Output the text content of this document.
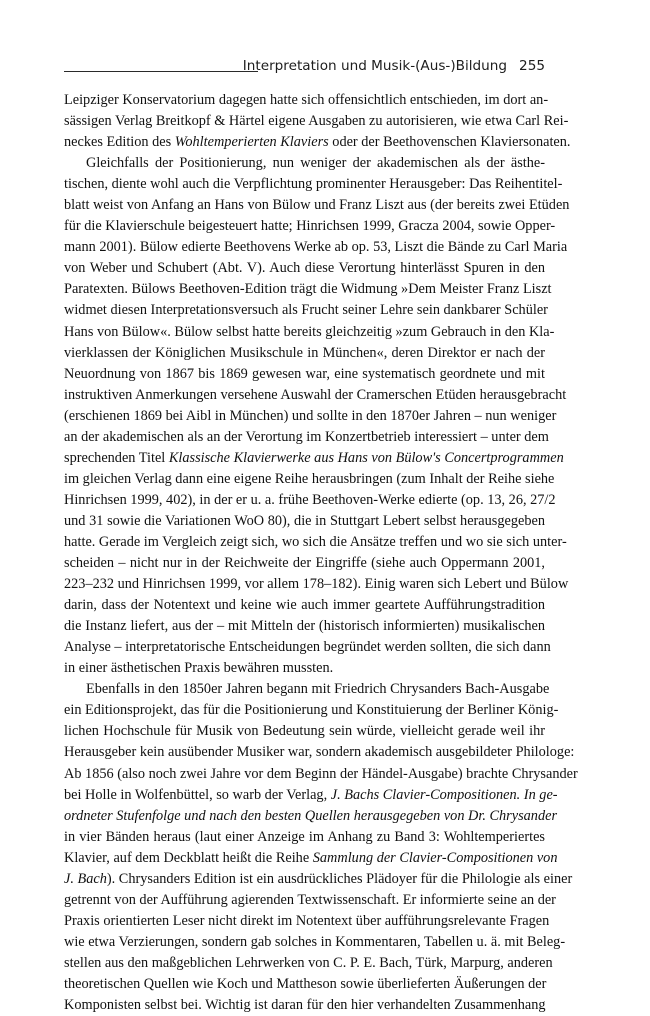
Interpretation und Musik-(Aus-)Bildung 255
Leipziger Konservatorium dagegen hatte sich offensichtlich entschieden, im dort an-
sässigen Verlag Breitkopf & Härtel eigene Ausgaben zu autorisieren, wie etwa Carl Rei-
neckes Edition des Wohltemperierten Klaviers oder der Beethovenschen Klaviersonaten.
Gleichfalls der Positionierung, nun weniger der akademischen als der ästhe-
tischen, diente wohl auch die Verpflichtung prominenter Herausgeber: Das Reihentitel-
blatt weist von Anfang an Hans von Bülow und Franz Liszt aus (der bereits zwei Etüden
für die Klavierschule beigesteuert hatte; Hinrichsen 1999, Gracza 2004, sowie Opper-
mann 2001). Bülow edierte Beethovens Werke ab op. 53, Liszt die Bände zu Carl Maria
von Weber und Schubert (Abt. V). Auch diese Verortung hinterlässt Spuren in den
Paratexten. Bülows Beethoven-Edition trägt die Widmung »Dem Meister Franz Liszt
widmet diesen Interpretationsversuch als Frucht seiner Lehre sein dankbarer Schüler
Hans von Bülow«. Bülow selbst hatte bereits gleichzeitig »zum Gebrauch in den Kla-
vierklassen der Königlichen Musikschule in München«, deren Direktor er nach der
Neuordnung von 1867 bis 1869 gewesen war, eine systematisch geordnete und mit
instruktiven Anmerkungen versehene Auswahl der Cramerschen Etüden herausgebracht
(erschienen 1869 bei Aibl in München) und sollte in den 1870er Jahren – nun weniger
an der akademischen als an der Verortung im Konzertbetrieb interessiert – unter dem
sprechenden Titel Klassische Klavierwerke aus Hans von Bülow's Concertprogrammen
im gleichen Verlag dann eine eigene Reihe herausbringen (zum Inhalt der Reihe siehe
Hinrichsen 1999, 402), in der er u. a. frühe Beethoven-Werke edierte (op. 13, 26, 27/2
und 31 sowie die Variationen WoO 80), die in Stuttgart Lebert selbst herausgegeben
hatte. Gerade im Vergleich zeigt sich, wo sich die Ansätze treffen und wo sie sich unter-
scheiden – nicht nur in der Reichweite der Eingriffe (siehe auch Oppermann 2001,
223–232 und Hinrichsen 1999, vor allem 178–182). Einig waren sich Lebert und Bülow
darin, dass der Notentext und keine wie auch immer geartete Aufführungstradition
die Instanz liefert, aus der – mit Mitteln der (historisch informierten) musikalischen
Analyse – interpretatorische Entscheidungen begründet werden sollten, die sich dann
in einer ästhetischen Praxis bewähren mussten.
Ebenfalls in den 1850er Jahren begann mit Friedrich Chrysanders Bach-Ausgabe
ein Editionsprojekt, das für die Positionierung und Konstituierung der Berliner König-
lichen Hochschule für Musik von Bedeutung sein würde, vielleicht gerade weil ihr
Herausgeber kein ausübender Musiker war, sondern akademisch ausgebildeter Philologe:
Ab 1856 (also noch zwei Jahre vor dem Beginn der Händel-Ausgabe) brachte Chrysander
bei Holle in Wolfenbüttel, so warb der Verlag, J. Bachs Clavier-Compositionen. In ge-
ordneter Stufenfolge und nach den besten Quellen herausgegeben von Dr. Chrysander
in vier Bänden heraus (laut einer Anzeige im Anhang zu Band 3: Wohltemperiertes
Klavier, auf dem Deckblatt heißt die Reihe Sammlung der Clavier-Compositionen von
J. Bach). Chrysanders Edition ist ein ausdrückliches Plädoyer für die Philologie als einer
getrennt von der Aufführung agierenden Textwissenschaft. Er informierte seine an der
Praxis orientierten Leser nicht direkt im Notentext über aufführungsrelevante Fragen
wie etwa Verzierungen, sondern gab solches in Kommentaren, Tabellen u. ä. mit Beleg-
stellen aus den maßgeblichen Lehrwerken von C. P. E. Bach, Türk, Marpurg, anderen
theoretischen Quellen wie Koch und Mattheson sowie überlieferten Äußerungen der
Komponisten selbst bei. Wichtig ist daran für den hier verhandelten Zusammenhang
